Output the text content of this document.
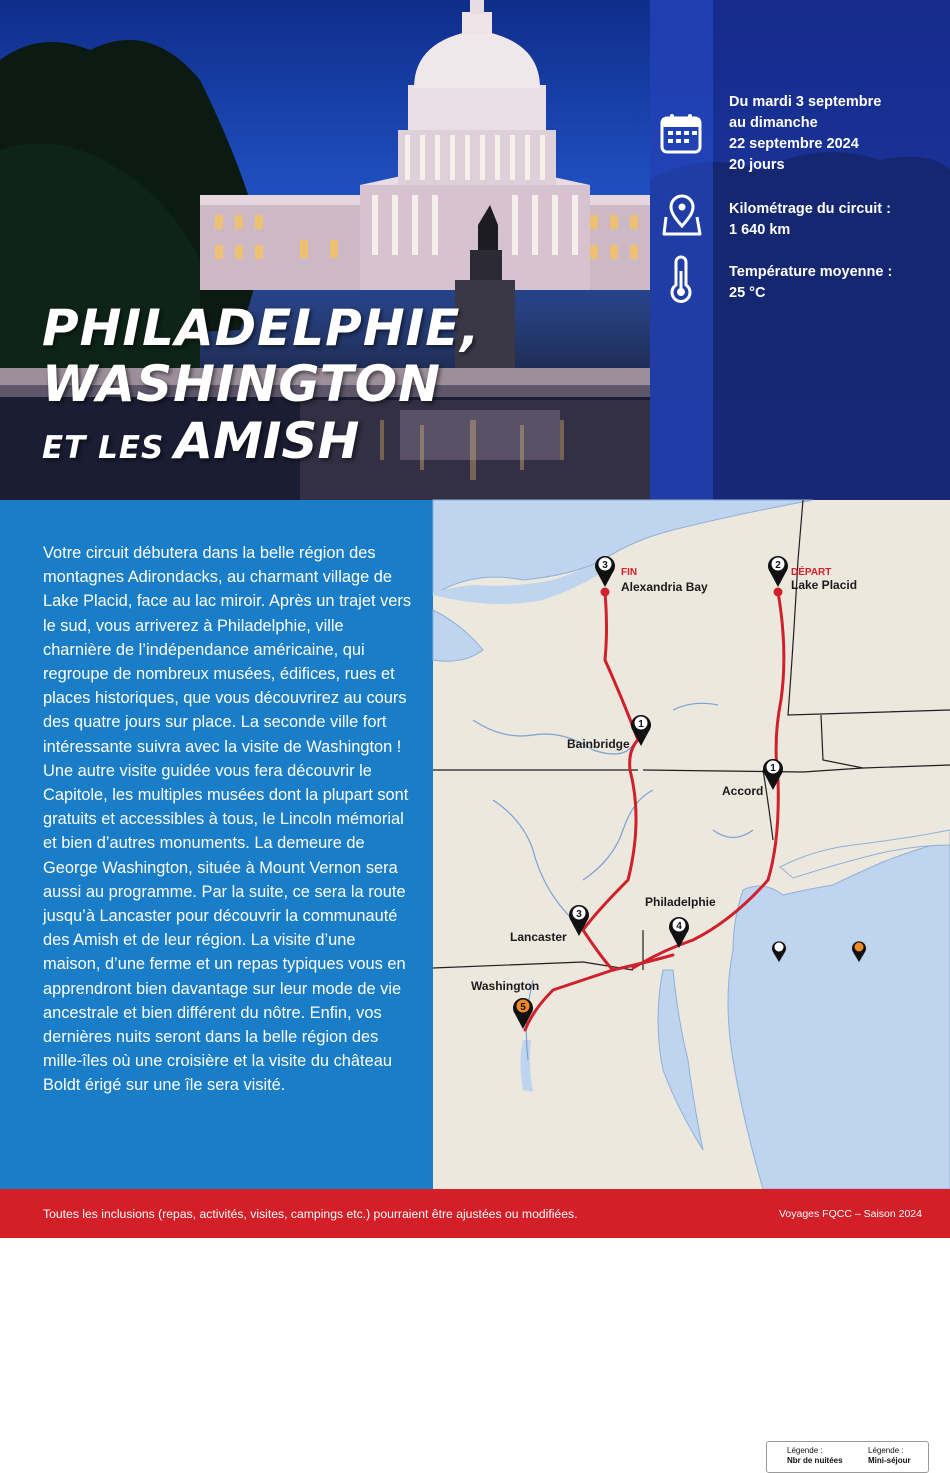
PHILADELPHIE,
WASHINGTON
ET LES AMISH
Du mardi 3 septembre
au dimanche
22 septembre 2024
20 jours
Kilométrage du circuit :
1 640 km
Température moyenne :
25 °C
Votre circuit débutera dans la belle région des montagnes Adirondacks, au charmant village de Lake Placid, face au lac miroir. Après un trajet vers le sud, vous arriverez à Philadelphie, ville charnière de l’indépendance américaine, qui regroupe de nombreux musées, édifices, rues et places historiques, que vous découvrirez au cours des quatre jours sur place. La seconde ville fort intéressante suivra avec la visite de Washington ! Une autre visite guidée vous fera découvrir le Capitole, les multiples musées dont la plupart sont gratuits et accessibles à tous, le Lincoln mémorial et bien d’autres monuments. La demeure de George Washington, située à Mount Vernon sera aussi au programme. Par la suite, ce sera la route jusqu’à Lancaster pour découvrir la communauté des Amish et de leur région. La visite d’une maison, d’une ferme et un repas typiques vous en apprendront bien davantage sur leur mode de vie ancestrale et bien différent du nôtre. Enfin, vos dernières nuits seront dans la belle région des mille-îles où une croisière et la visite du château Boldt érigé sur une île sera visité.
2
3
1
1
4
3
5
DÉPART
Lake Placid
FIN
Alexandria Bay
Bainbridge
Accord
Philadelphie
Lancaster
Washington
Légende :
Nbr de nuitées
Légende :
Mini-séjour
Toutes les inclusions (repas, activités, visites, campings etc.) pourraient être ajustées ou modifiées.	Voyages FQCC – Saison 2024
